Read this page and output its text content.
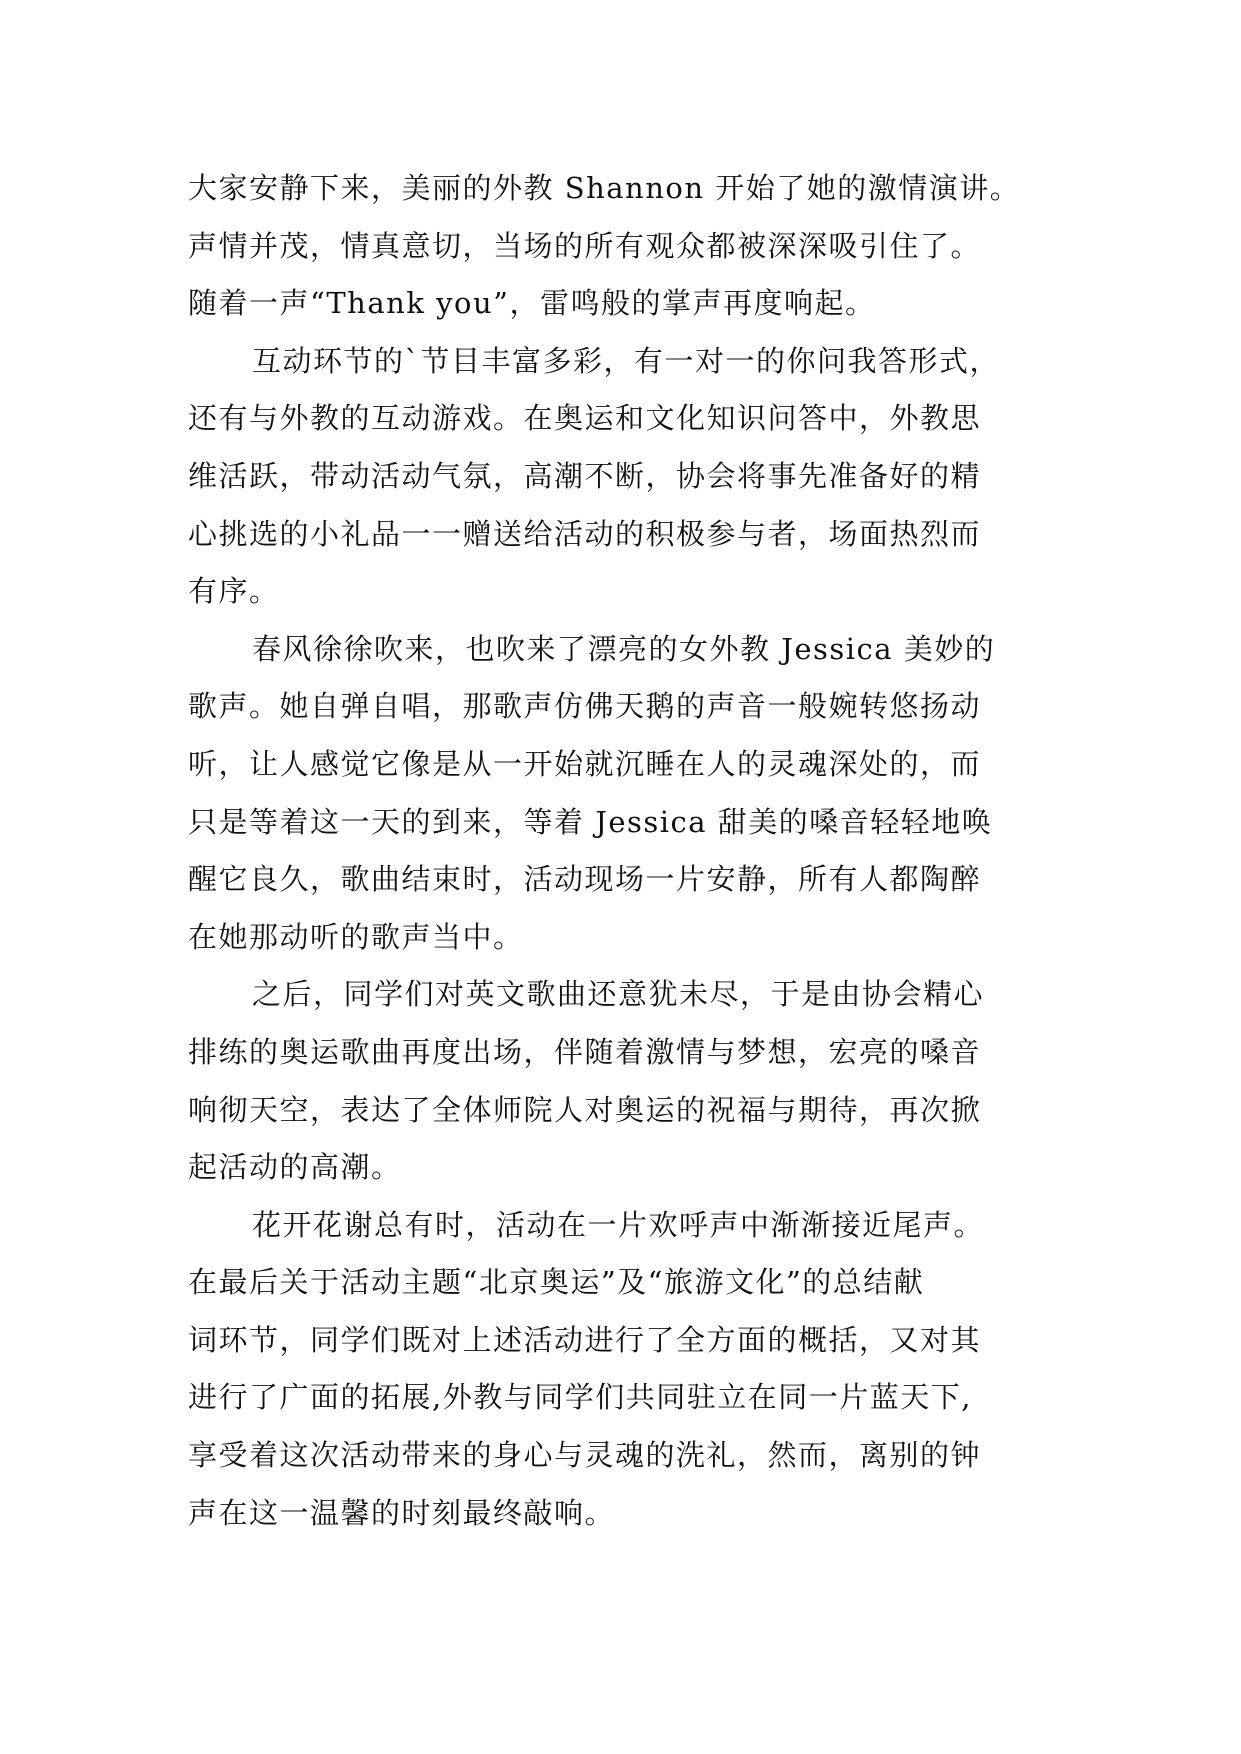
大家安静下来，美丽的外教 Shannon 开始了她的激情演讲。
声情并茂，情真意切，当场的所有观众都被深深吸引住了。
随着一声“Thank you”，雷鸣般的掌声再度响起。

互动环节的`节目丰富多彩，有一对一的你问我答形式，
还有与外教的互动游戏。在奥运和文化知识问答中，外教思
维活跃，带动活动气氛，高潮不断，协会将事先准备好的精
心挑选的小礼品一一赠送给活动的积极参与者，场面热烈而
有序。

春风徐徐吹来，也吹来了漂亮的女外教 Jessica 美妙的
歌声。她自弹自唱，那歌声仿佛天鹅的声音一般婉转悠扬动
听，让人感觉它像是从一开始就沉睡在人的灵魂深处的，而
只是等着这一天的到来，等着 Jessica 甜美的嗓音轻轻地唤
醒它良久，歌曲结束时，活动现场一片安静，所有人都陶醉
在她那动听的歌声当中。

之后，同学们对英文歌曲还意犹未尽，于是由协会精心
排练的奥运歌曲再度出场，伴随着激情与梦想，宏亮的嗓音
响彻天空，表达了全体师院人对奥运的祝福与期待，再次掀
起活动的高潮。

花开花谢总有时，活动在一片欢呼声中渐渐接近尾声。
在最后关于活动主题“北京奥运”及“旅游文化”的总结献
词环节，同学们既对上述活动进行了全方面的概括，又对其
进行了广面的拓展,外教与同学们共同驻立在同一片蓝天下,
享受着这次活动带来的身心与灵魂的洗礼，然而，离别的钟
声在这一温馨的时刻最终敲响。
